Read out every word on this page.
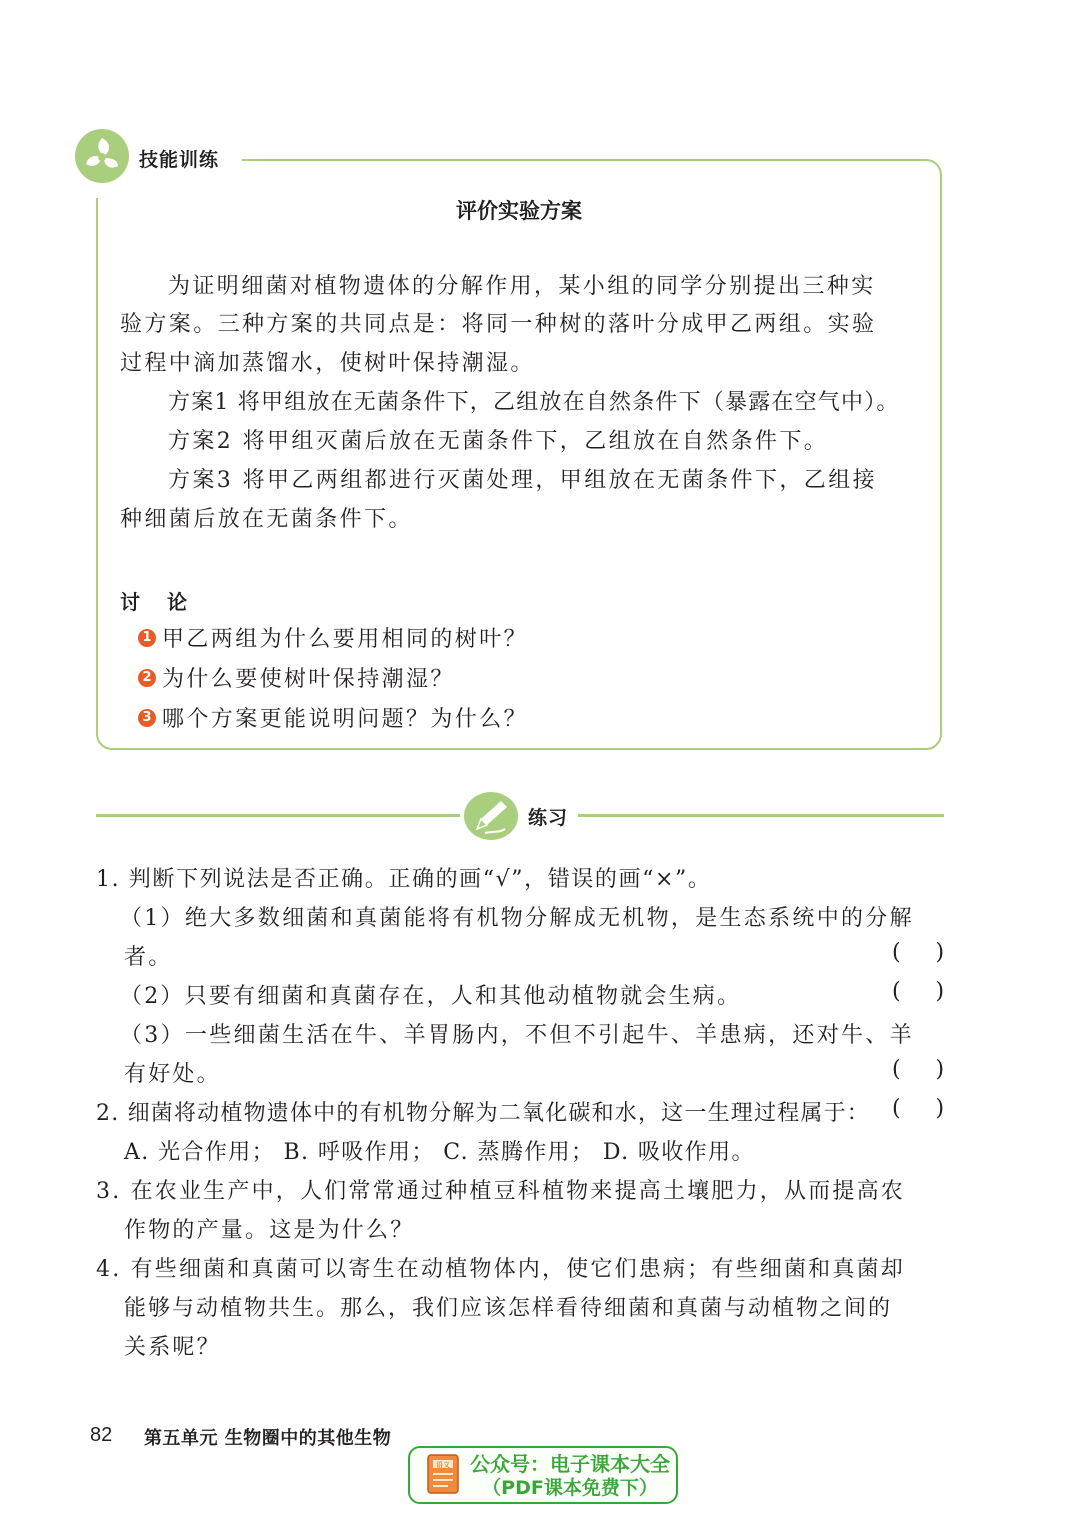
技能训练
评价实验方案

为证明细菌对植物遗体的分解作用，某小组的同学分别提出三种实

验方案。三种方案的共同点是：将同一种树的落叶分成甲乙两组。实验

过程中滴加蒸馏水，使树叶保持潮湿。

方案1 将甲组放在无菌条件下，乙组放在自然条件下（暴露在空气中）。

方案2 将甲组灭菌后放在无菌条件下，乙组放在自然条件下。

方案3 将甲乙两组都进行灭菌处理，甲组放在无菌条件下，乙组接

种细菌后放在无菌条件下。

讨 论
1 甲乙两组为什么要用相同的树叶？
2 为什么要使树叶保持潮湿？
3 哪个方案更能说明问题？为什么？
练习
1. 判断下列说法是否正确。正确的画“√”，错误的画“×”。
（1）绝大多数细菌和真菌能将有机物分解成无机物，是生态系统中的分解
者。	(     )
（2）只要有细菌和真菌存在，人和其他动植物就会生病。	(     )
（3）一些细菌生活在牛、羊胃肠内，不但不引起牛、羊患病，还对牛、羊
有好处。	(     )
2. 细菌将动植物遗体中的有机物分解为二氧化碳和水，这一生理过程属于： (     )
A. 光合作用； B. 呼吸作用； C. 蒸腾作用； D. 吸收作用。
3. 在农业生产中，人们常常通过种植豆科植物来提高土壤肥力，从而提高农
作物的产量。这是为什么？
4. 有些细菌和真菌可以寄生在动植物体内，使它们患病；有些细菌和真菌却
能够与动植物共生。那么，我们应该怎样看待细菌和真菌与动植物之间的
关系呢？
82 第五单元 生物圈中的其他生物
语文 公众号：电子课本大全
（PDF课本免费下）
